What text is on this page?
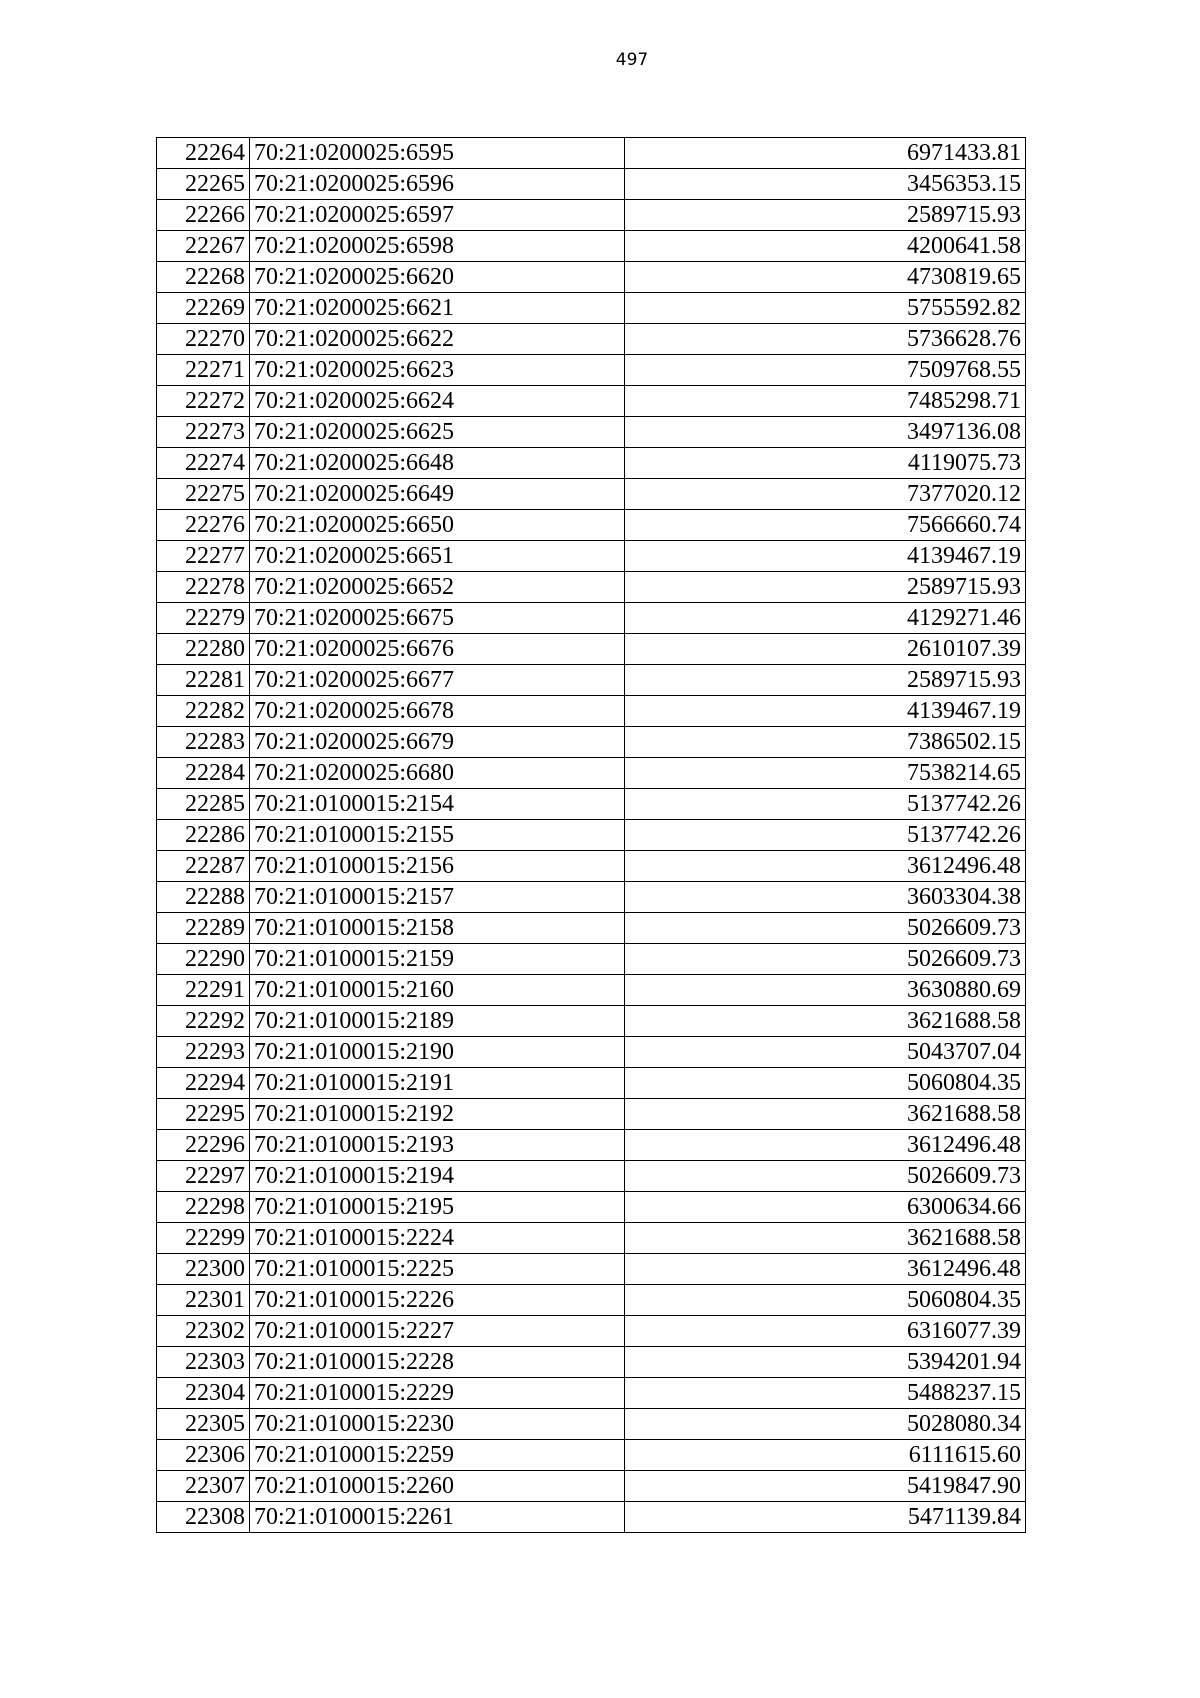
497
22264	70:21:0200025:6595	6971433.81
22265	70:21:0200025:6596	3456353.15
22266	70:21:0200025:6597	2589715.93
22267	70:21:0200025:6598	4200641.58
22268	70:21:0200025:6620	4730819.65
22269	70:21:0200025:6621	5755592.82
22270	70:21:0200025:6622	5736628.76
22271	70:21:0200025:6623	7509768.55
22272	70:21:0200025:6624	7485298.71
22273	70:21:0200025:6625	3497136.08
22274	70:21:0200025:6648	4119075.73
22275	70:21:0200025:6649	7377020.12
22276	70:21:0200025:6650	7566660.74
22277	70:21:0200025:6651	4139467.19
22278	70:21:0200025:6652	2589715.93
22279	70:21:0200025:6675	4129271.46
22280	70:21:0200025:6676	2610107.39
22281	70:21:0200025:6677	2589715.93
22282	70:21:0200025:6678	4139467.19
22283	70:21:0200025:6679	7386502.15
22284	70:21:0200025:6680	7538214.65
22285	70:21:0100015:2154	5137742.26
22286	70:21:0100015:2155	5137742.26
22287	70:21:0100015:2156	3612496.48
22288	70:21:0100015:2157	3603304.38
22289	70:21:0100015:2158	5026609.73
22290	70:21:0100015:2159	5026609.73
22291	70:21:0100015:2160	3630880.69
22292	70:21:0100015:2189	3621688.58
22293	70:21:0100015:2190	5043707.04
22294	70:21:0100015:2191	5060804.35
22295	70:21:0100015:2192	3621688.58
22296	70:21:0100015:2193	3612496.48
22297	70:21:0100015:2194	5026609.73
22298	70:21:0100015:2195	6300634.66
22299	70:21:0100015:2224	3621688.58
22300	70:21:0100015:2225	3612496.48
22301	70:21:0100015:2226	5060804.35
22302	70:21:0100015:2227	6316077.39
22303	70:21:0100015:2228	5394201.94
22304	70:21:0100015:2229	5488237.15
22305	70:21:0100015:2230	5028080.34
22306	70:21:0100015:2259	6111615.60
22307	70:21:0100015:2260	5419847.90
22308	70:21:0100015:2261	5471139.84
